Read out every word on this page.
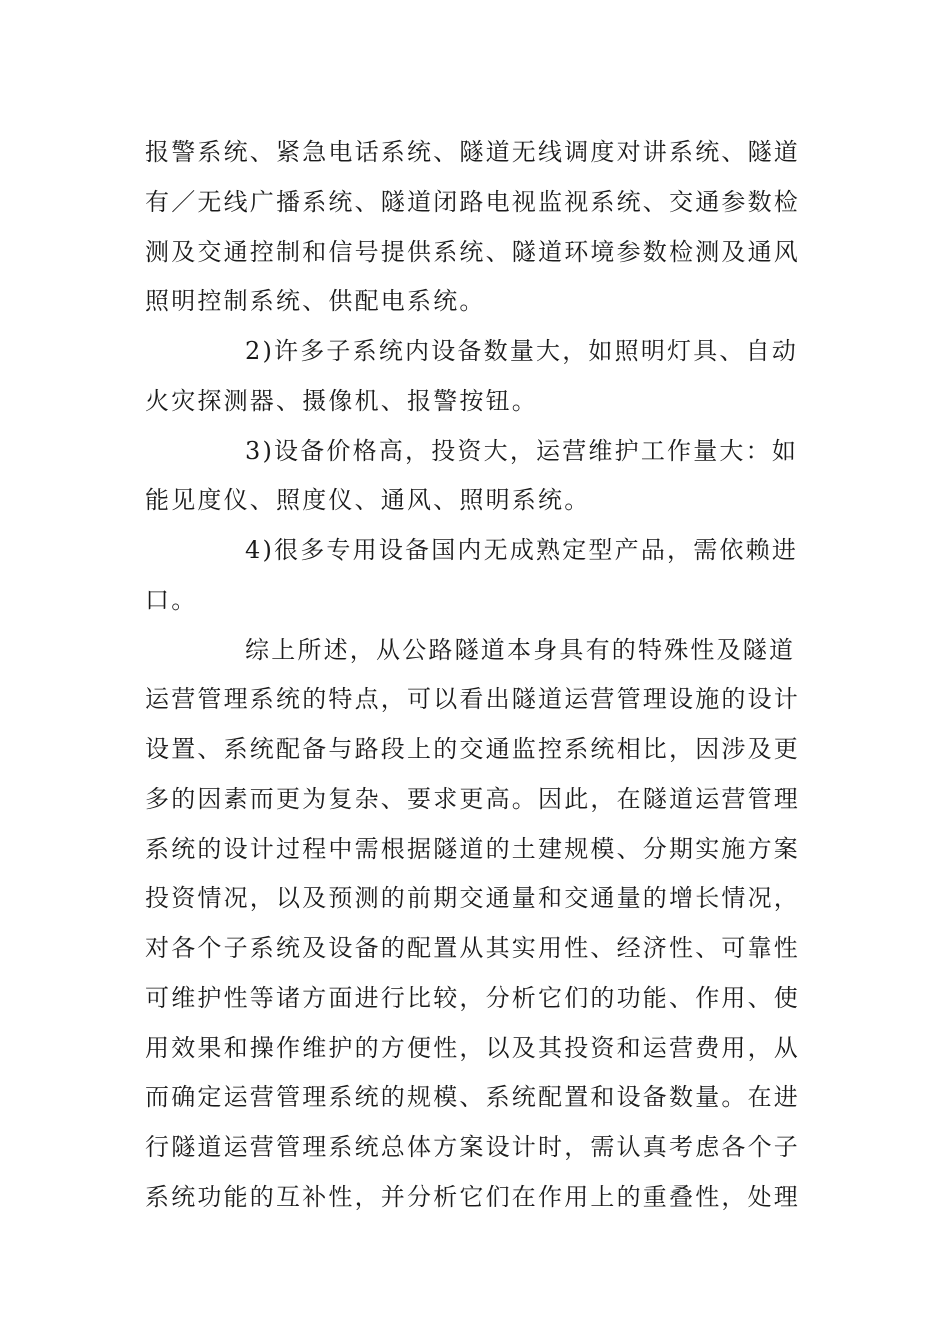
报警系统、紧急电话系统、隧道无线调度对讲系统、隧道
有／无线广播系统、隧道闭路电视监视系统、交通参数检
测及交通控制和信号提供系统、隧道环境参数检测及通风
照明控制系统、供配电系统。
2)许多子系统内设备数量大，如照明灯具、自动
火灾探测器、摄像机、报警按钮。
3)设备价格高，投资大，运营维护工作量大：如
能见度仪、照度仪、通风、照明系统。
4)很多专用设备国内无成熟定型产品，需依赖进
口。
综上所述，从公路隧道本身具有的特殊性及隧道
运营管理系统的特点，可以看出隧道运营管理设施的设计
设置、系统配备与路段上的交通监控系统相比，因涉及更
多的因素而更为复杂、要求更高。因此，在隧道运营管理
系统的设计过程中需根据隧道的土建规模、分期实施方案
投资情况，以及预测的前期交通量和交通量的增长情况，
对各个子系统及设备的配置从其实用性、经济性、可靠性
可维护性等诸方面进行比较，分析它们的功能、作用、使
用效果和操作维护的方便性，以及其投资和运营费用，从
而确定运营管理系统的规模、系统配置和设备数量。在进
行隧道运营管理系统总体方案设计时，需认真考虑各个子
系统功能的互补性，并分析它们在作用上的重叠性，处理
